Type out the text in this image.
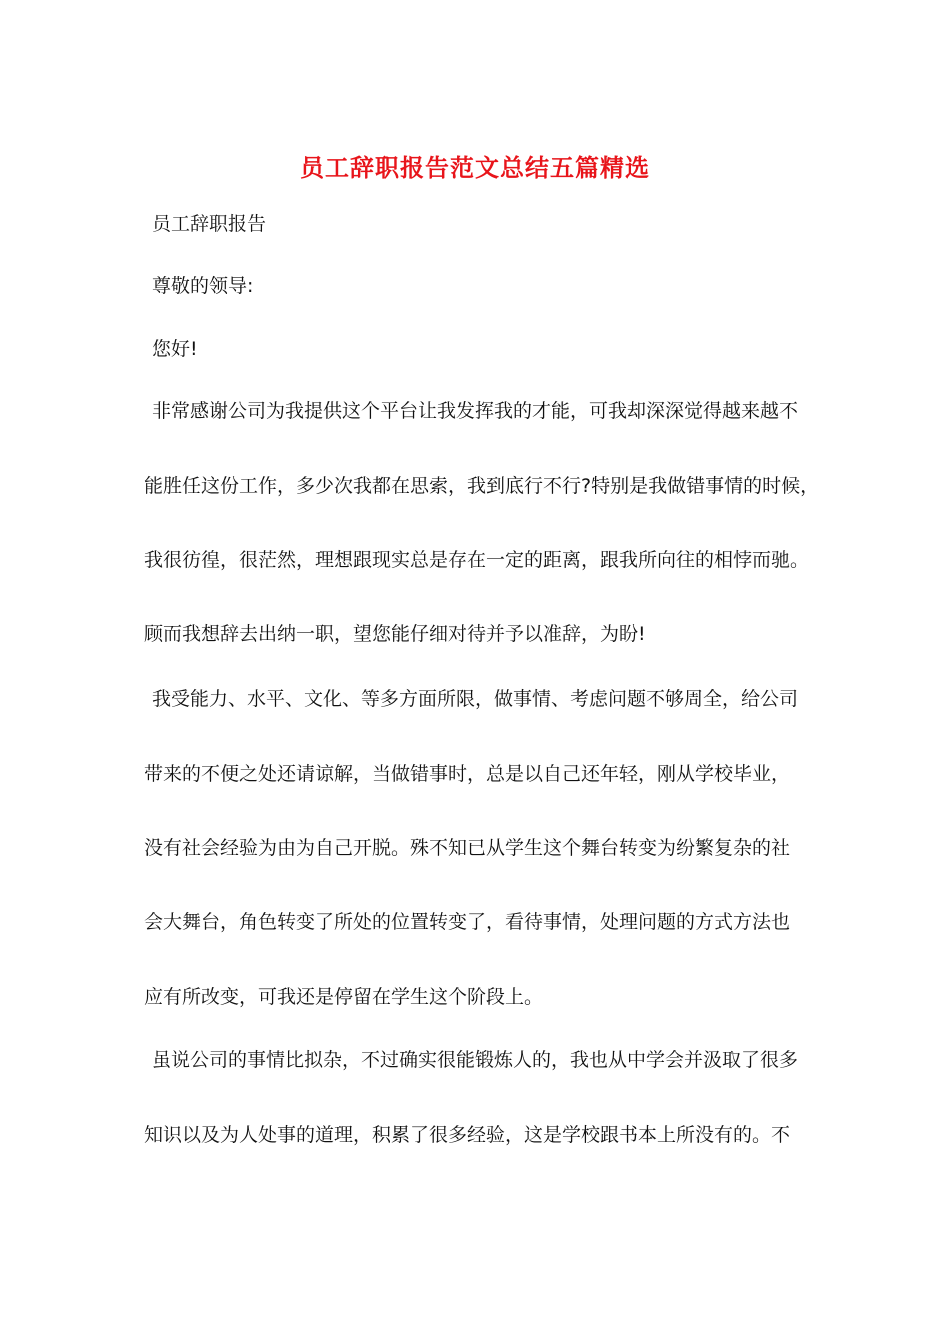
员工辞职报告范文总结五篇精选
员工辞职报告
尊敬的领导:
您好!
非常感谢公司为我提供这个平台让我发挥我的才能，可我却深深觉得越来越不
能胜任这份工作，多少次我都在思索，我到底行不行?特别是我做错事情的时候，
我很彷徨，很茫然，理想跟现实总是存在一定的距离，跟我所向往的相悖而驰。
顾而我想辞去出纳一职，望您能仔细对待并予以准辞，为盼!
我受能力、水平、文化、等多方面所限，做事情、考虑问题不够周全，给公司
带来的不便之处还请谅解，当做错事时，总是以自己还年轻，刚从学校毕业，
没有社会经验为由为自己开脱。殊不知已从学生这个舞台转变为纷繁复杂的社
会大舞台，角色转变了所处的位置转变了，看待事情，处理问题的方式方法也
应有所改变，可我还是停留在学生这个阶段上。
虽说公司的事情比拟杂，不过确实很能锻炼人的，我也从中学会并汲取了很多
知识以及为人处事的道理，积累了很多经验，这是学校跟书本上所没有的。不
